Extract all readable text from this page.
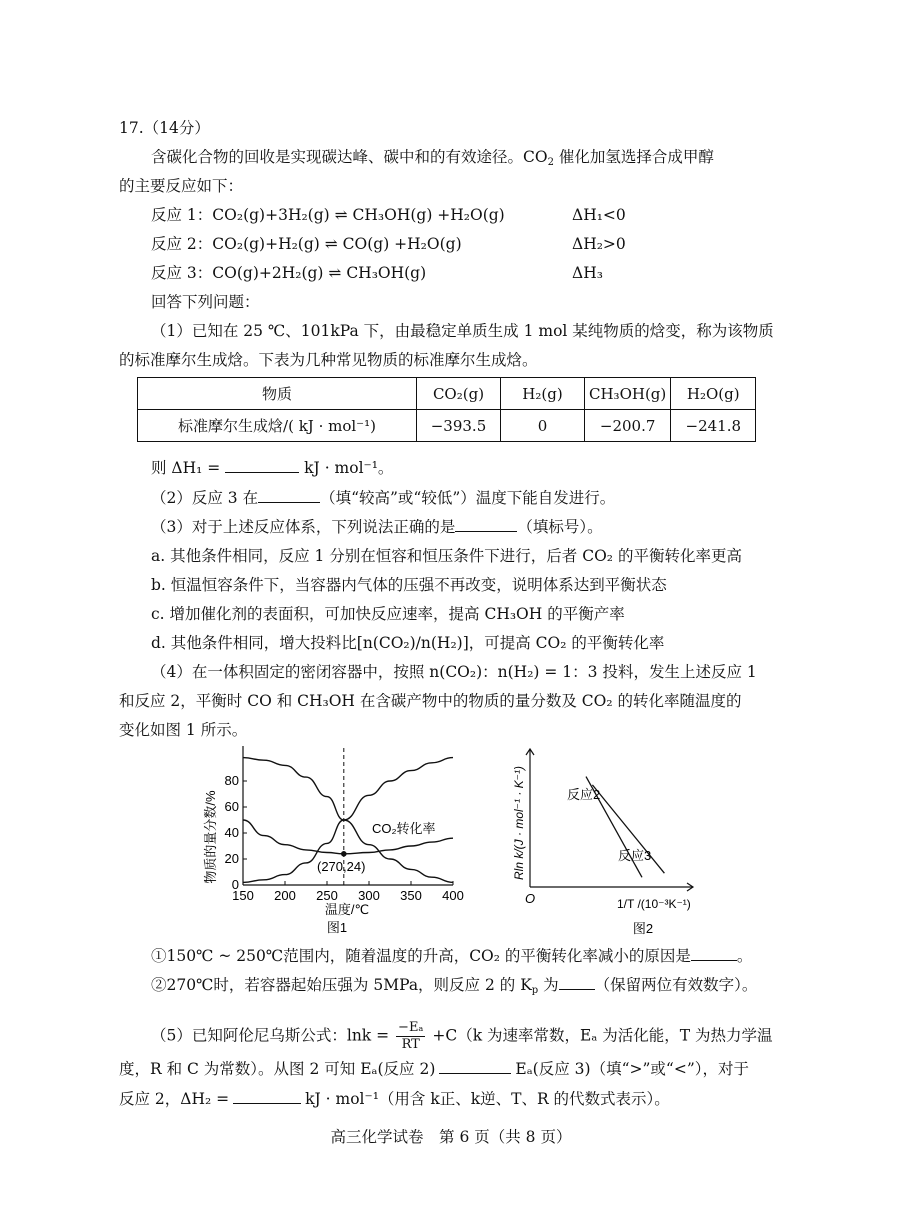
17.（14分）
含碳化合物的回收是实现碳达峰、碳中和的有效途径。$CO_2$ 催化加氢选择合成甲醇
的主要反应如下：
反应 1：CO₂(g)+3H₂(g) ⇌ CH₃OH(g) +H₂O(g)	ΔH₁<0
反应 2：CO₂(g)+H₂(g) ⇌ CO(g) +H₂O(g)	ΔH₂>0
反应 3：CO(g)+2H₂(g) ⇌ CH₃OH(g)	ΔH₃
回答下列问题：
（1）已知在 25 ℃、101kPa 下，由最稳定单质生成 1 mol 某纯物质的焓变，称为该物质
的标准摩尔生成焓。下表为几种常见物质的标准摩尔生成焓。
物质	CO₂(g)	H₂(g)	CH₃OH(g)	H₂O(g)
标准摩尔生成焓/( kJ · mol⁻¹)	−393.5	0	−200.7	−241.8
则 ΔH₁ =	kJ · mol⁻¹。
（2）反应 3 在	（填“较高”或“较低”）温度下能自发进行。
（3）对于上述反应体系，下列说法正确的是	（填标号）。
a. 其他条件相同，反应 1 分别在恒容和恒压条件下进行，后者 CO₂ 的平衡转化率更高
b. 恒温恒容条件下，当容器内气体的压强不再改变，说明体系达到平衡状态
c. 增加催化剂的表面积，可加快反应速率，提高 CH₃OH 的平衡产率
d. 其他条件相同，增大投料比[n(CO₂)/n(H₂)]，可提高 CO₂ 的平衡转化率
（4）在一体积固定的密闭容器中，按照 n(CO₂)：n(H₂) = 1：3 投料，发生上述反应 1
和反应 2，平衡时 CO 和 CH₃OH 在含碳产物中的物质的量分数及 CO₂ 的转化率随温度的
变化如图 1 所示。
150 200 250 300 350 400
0
20
40
60
80
物质的量分数/%
温度/℃
图1
CO₂转化率
(270,24)	Rln k/(J · mol⁻¹ · K⁻¹)
O	1/T /(10⁻³K⁻¹)
图2
反应2
反应3
①150℃ ~ 250℃范围内，随着温度的升高，CO₂ 的平衡转化率减小的原因是	。
②270℃时，若容器起始压强为 5MPa，则反应 2 的 $K_p$ 为 （保留两位有效数字）。
（5）已知阿伦尼乌斯公式：$\ln k = \frac{\text{−Eₐ}}{RT} +C(k$ 为速率常数，Eₐ 为活化能，T 为热力学温
度，R 和 C 为常数）。从图 2 可知 Eₐ(反应 2)	Eₐ(反应 3)（填“>”或“<”），对于
反应 2，ΔH₂ =	kJ · mol⁻¹（用含 k正、k逆、T、R 的代数式表示）。
高三化学试卷　第 6 页（共 8 页）
